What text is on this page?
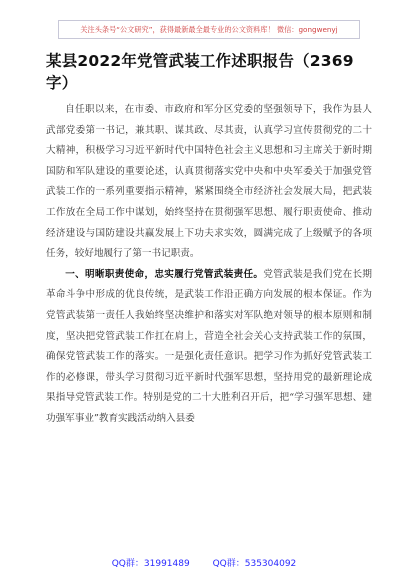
关注头条号“公文研究”，获得最新最全最专业的公文资料库！ 微信：gongwenyj
某县2022年党管武装工作述职报告（2369字）

自任职以来，在市委、市政府和军分区党委的坚强领导下，我作为县人武部党委第一书记，兼其职、谋其政、尽其责，认真学习宣传贯彻党的二十大精神，积极学习习近平新时代中国特色社会主义思想和习主席关于新时期国防和军队建设的重要论述，认真贯彻落实党中央和中央军委关于加强党管武装工作的一系列重要指示精神，紧紧围绕全市经济社会发展大局，把武装工作放在全局工作中谋划，始终坚持在贯彻强军思想、履行职责使命、推动经济建设与国防建设共赢发展上下功夫求实效，圆满完成了上级赋予的各项任务，较好地履行了第一书记职责。

一、明晰职责使命，忠实履行党管武装责任。党管武装是我们党在长期革命斗争中形成的优良传统，是武装工作沿正确方向发展的根本保证。作为党管武装第一责任人我始终坚决维护和落实对军队绝对领导的根本原则和制度，坚决把党管武装工作扛在肩上，营造全社会关心支持武装工作的氛围，确保党管武装工作的落实。一是强化责任意识。把学习作为抓好党管武装工作的必修课，带头学习贯彻习近平新时代强军思想，坚持用党的最新理论成果指导党管武装工作。特别是党的二十大胜利召开后，把“学习强军思想、建功强军事业”教育实践活动纳入县委

QQ群：31991489	QQ群：535304092
